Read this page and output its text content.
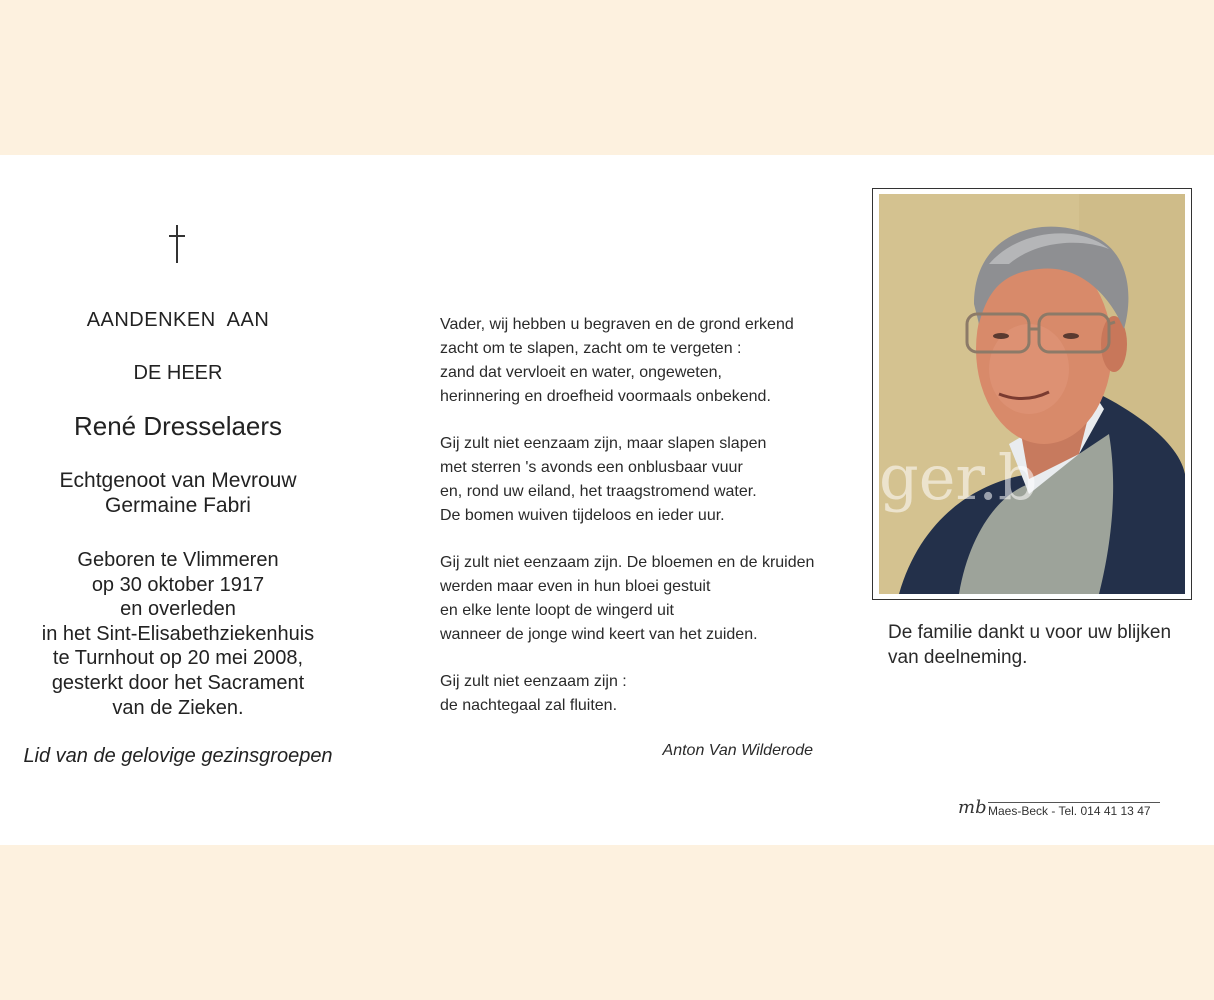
AANDENKEN  AAN
DE HEER
René Dresselaers
Echtgenoot van Mevrouw
Germaine Fabri
Geboren te Vlimmeren
op 30 oktober 1917
en overleden
in het Sint-Elisabethziekenhuis
te Turnhout op 20 mei 2008,
gesterkt door het Sacrament
van de Zieken.
Lid van de gelovige gezinsgroepen
Vader, wij hebben u begraven en de grond erkend
zacht om te slapen, zacht om te vergeten :
zand dat vervloeit en water, ongeweten,
herinnering en droefheid voormaals onbekend.
Gij zult niet eenzaam zijn, maar slapen slapen
met sterren 's avonds een onblusbaar vuur
en, rond uw eiland, het traagstromend water.
De bomen wuiven tijdeloos en ieder uur.
Gij zult niet eenzaam zijn. De bloemen en de kruiden
werden maar even in hun bloei gestuit
en elke lente loopt de wingerd uit
wanneer de jonge wind keert van het zuiden.
Gij zult niet eenzaam zijn :
de nachtegaal zal fluiten.
Anton Van Wilderode
ger.b
De familie dankt u voor uw blijken
van deelneming.
mb Maes-Beck - Tel. 014 41 13 47
